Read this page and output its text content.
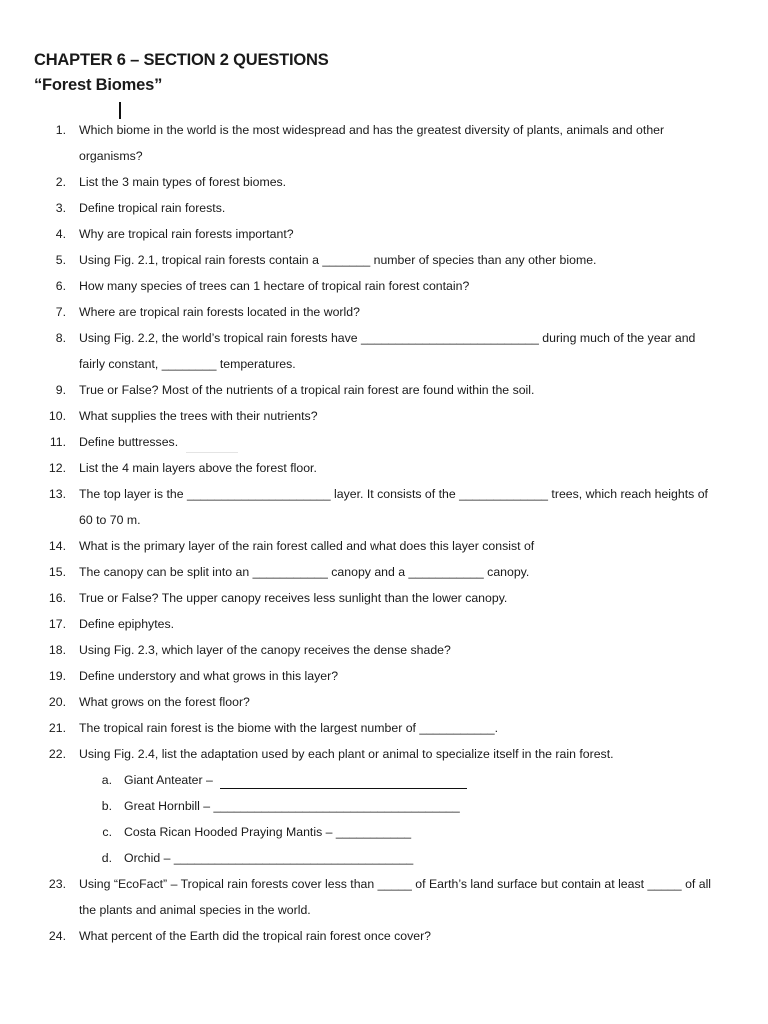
CHAPTER 6 – SECTION 2 QUESTIONS
“Forest Biomes”
1. Which biome in the world is the most widespread and has the greatest diversity of plants, animals and other
organisms?
2. List the 3 main types of forest biomes.
3. Define tropical rain forests.
4. Why are tropical rain forests important?
5. Using Fig. 2.1, tropical rain forests contain a _______ number of species than any other biome.
6. How many species of trees can 1 hectare of tropical rain forest contain?
7. Where are tropical rain forests located in the world?
8. Using Fig. 2.2, the world’s tropical rain forests have __________________________ during much of the year and
fairly constant, ________ temperatures.
9. True or False? Most of the nutrients of a tropical rain forest are found within the soil.
10. What supplies the trees with their nutrients?
11. Define buttresses.
12. List the 4 main layers above the forest floor.
13. The top layer is the _____________________ layer. It consists of the _____________ trees, which reach heights of
60 to 70 m.
14. What is the primary layer of the rain forest called and what does this layer consist of
15. The canopy can be split into an ___________ canopy and a ___________ canopy.
16. True or False? The upper canopy receives less sunlight than the lower canopy.
17. Define epiphytes.
18. Using Fig. 2.3, which layer of the canopy receives the dense shade?
19. Define understory and what grows in this layer?
20. What grows on the forest floor?
21. The tropical rain forest is the biome with the largest number of ___________.
22. Using Fig. 2.4, list the adaptation used by each plant or animal to specialize itself in the rain forest.
a. Giant Anteater –
b. Great Hornbill – ____________________________________
c. Costa Rican Hooded Praying Mantis – ___________
d. Orchid – ___________________________________
23. Using “EcoFact” – Tropical rain forests cover less than _____ of Earth’s land surface but contain at least _____ of all
the plants and animal species in the world.
24. What percent of the Earth did the tropical rain forest once cover?
